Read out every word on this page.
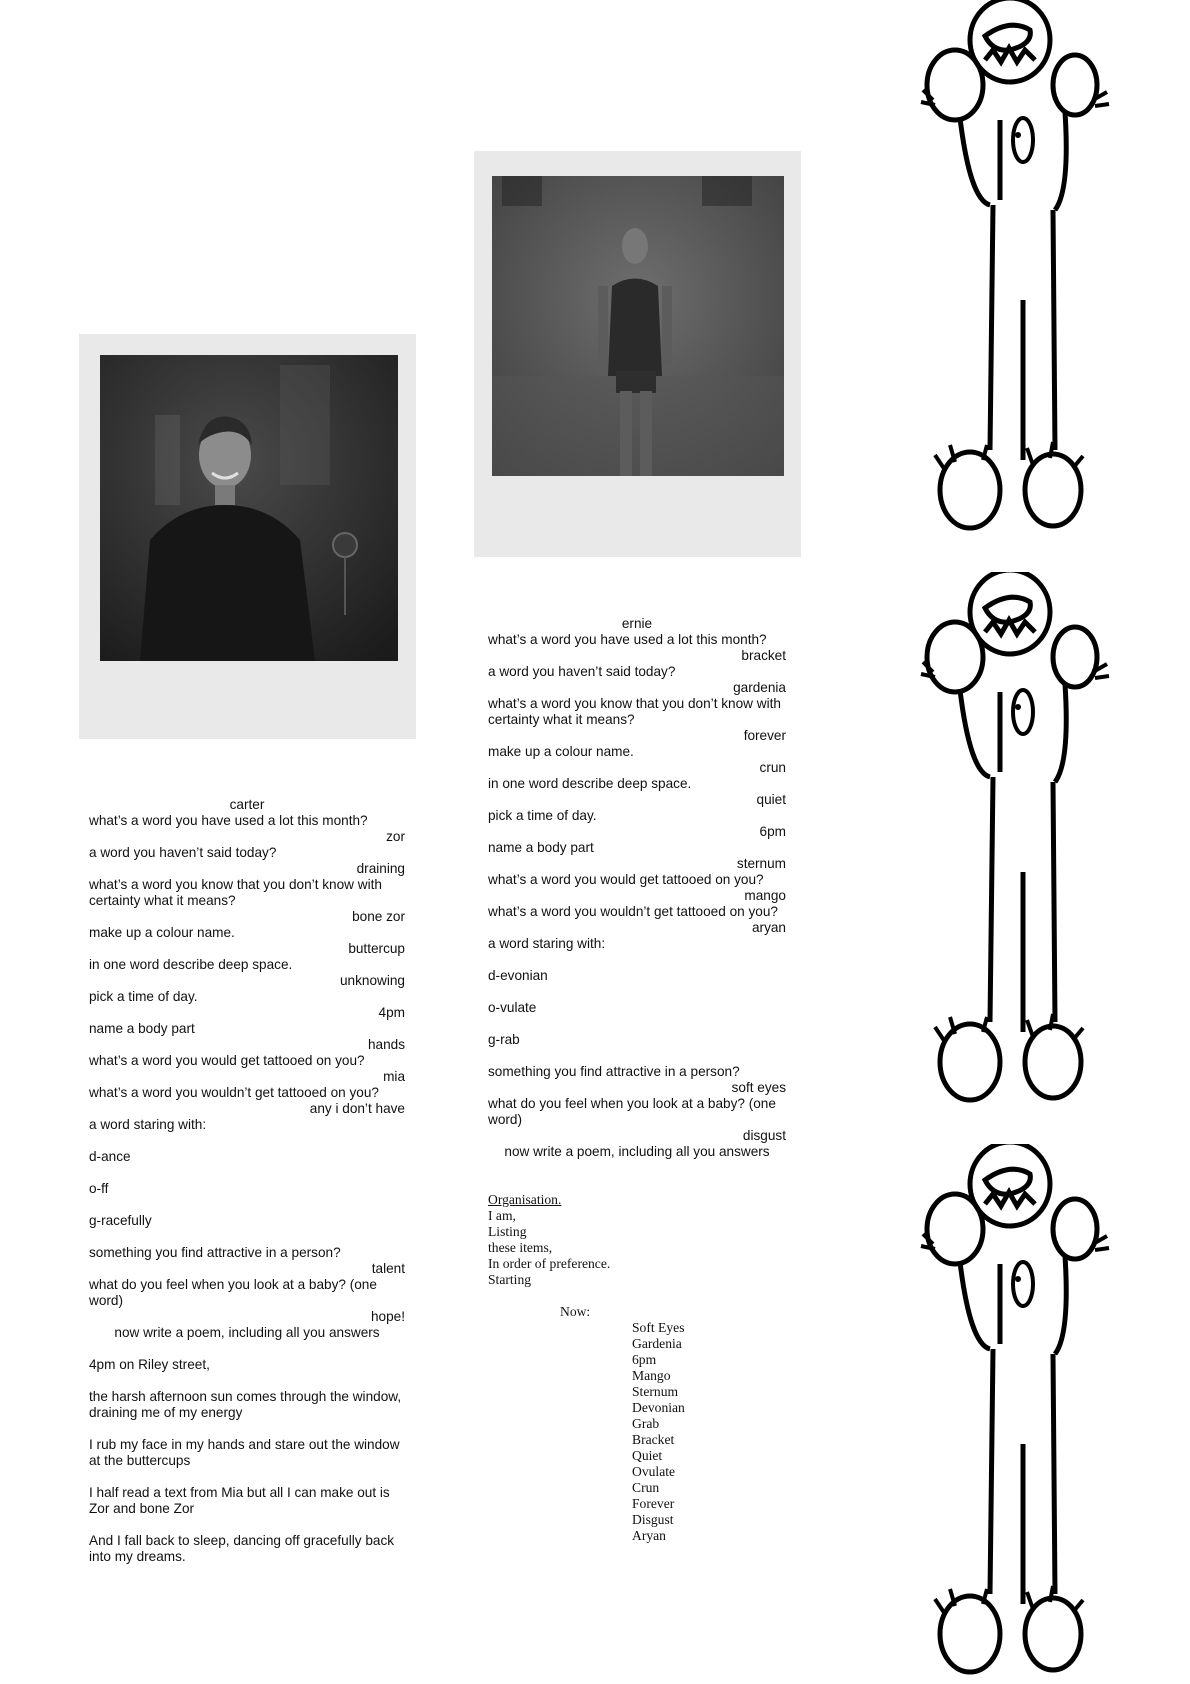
carter

what’s a word you have used a lot this month?

zor

a word you haven’t said today?

draining

what’s a word you know that you don’t know with certainty what it means?

bone zor

make up a colour name.

buttercup

in one word describe deep space.

unknowing

pick a time of day.

4pm

name a body part

hands

what’s a word you would get tattooed on you?

mia

what’s a word you wouldn’t get tattooed on you?

any i don’t have

a word staring with:

d-ance

o-ff

g-racefully

something you find attractive in a person?

talent

what do you feel when you look at a baby? (one word)

hope!

now write a poem, including all you answers

4pm on Riley street,

the harsh afternoon sun comes through the window, draining me of my energy

I rub my face in my hands and stare out the window at the buttercups

I half read a text from Mia but all I can make out is Zor and bone Zor

And I fall back to sleep, dancing off gracefully back into my dreams.

ernie

what’s a word you have used a lot this month?

bracket

a word you haven’t said today?

gardenia

what’s a word you know that you don’t know with certainty what it means?

forever

make up a colour name.

crun

in one word describe deep space.

quiet

pick a time of day.

6pm

name a body part

sternum

what’s a word you would get tattooed on you?

mango

what’s a word you wouldn’t get tattooed on you?

aryan

a word staring with:

d-evonian

o-vulate

g-rab

something you find attractive in a person?

soft eyes

what do you feel when you look at a baby? (one word)

disgust

now write a poem, including all you answers

Organisation.

I am,

Listing

these items,

In order of preference.

Starting

Now:

Soft Eyes

Gardenia

6pm

Mango

Sternum

Devonian

Grab

Bracket

Quiet

Ovulate

Crun

Forever

Disgust

Aryan
